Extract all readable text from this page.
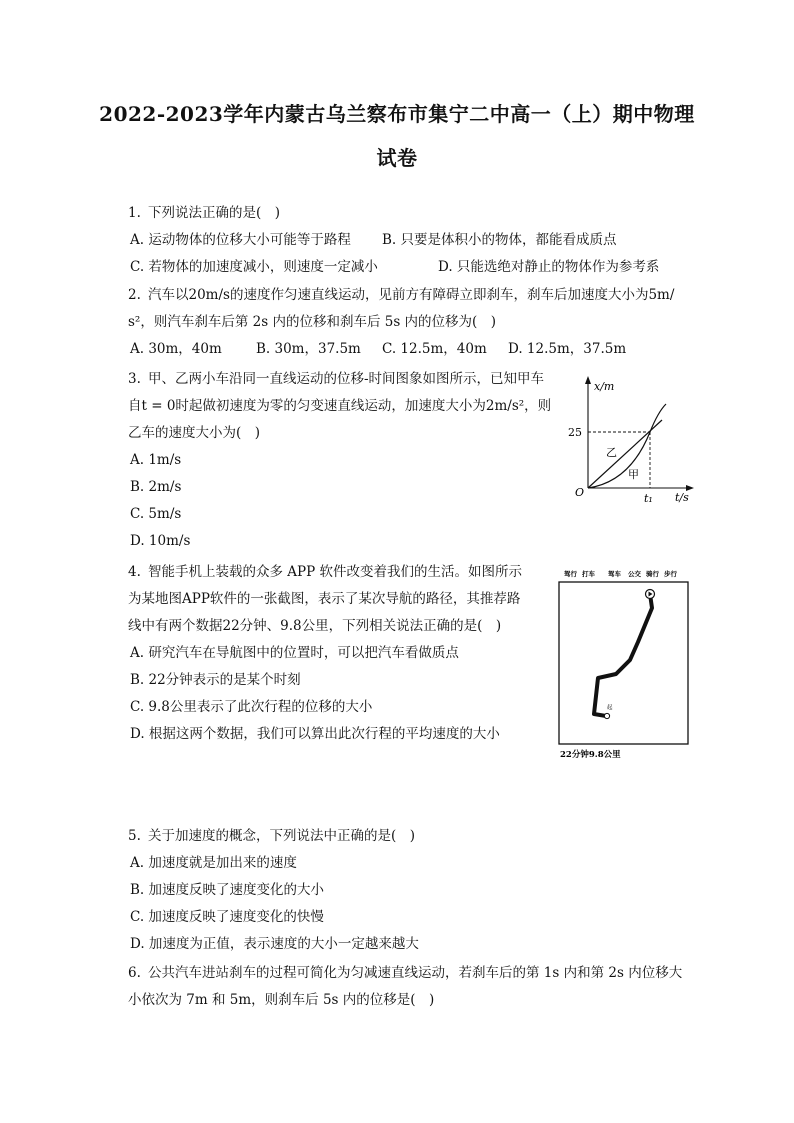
2022-2023学年内蒙古乌兰察布市集宁二中高一（上）期中物理
试卷
1. 下列说法正确的是(　)
A. 运动物体的位移大小可能等于路程 B. 只要是体积小的物体，都能看成质点
C. 若物体的加速度减小，则速度一定减小	D. 只能选绝对静止的物体作为参考系
2. 汽车以20m/s的速度作匀速直线运动，见前方有障碍立即刹车，刹车后加速度大小为5m/
s²，则汽车刹车后第 2s 内的位移和刹车后 5s 内的位移为(　)
A. 30m，40m	B. 30m，37.5m C. 12.5m，40m D. 12.5m，37.5m
3. 甲、乙两小车沿同一直线运动的位移-时间图象如图所示，已知甲车
自t = 0时起做初速度为零的匀变速直线运动，加速度大小为2m/s²，则
乙车的速度大小为(　)
A. 1m/s
B. 2m/s
C. 5m/s
D. 10m/s
x/m
t/s
O
25
t₁
乙
甲
4. 智能手机上装载的众多 APP 软件改变着我们的生活。如图所示
为某地图APP软件的一张截图，表示了某次导航的路径，其推荐路
线中有两个数据22分钟、9.8公里，下列相关说法正确的是(　)
A. 研究汽车在导航图中的位置时，可以把汽车看做质点
B. 22分钟表示的是某个时刻
C. 9.8公里表示了此次行程的位移的大小
D. 根据这两个数据，我们可以算出此次行程的平均速度的大小
驾行 打车 驾车 公交 骑行 步行
起
22分钟9.8公里
5. 关于加速度的概念，下列说法中正确的是(　)
A. 加速度就是加出来的速度
B. 加速度反映了速度变化的大小
C. 加速度反映了速度变化的快慢
D. 加速度为正值，表示速度的大小一定越来越大
6. 公共汽车进站刹车的过程可简化为匀减速直线运动，若刹车后的第 1s 内和第 2s 内位移大
小依次为 7m 和 5m，则刹车后 5s 内的位移是(　)
